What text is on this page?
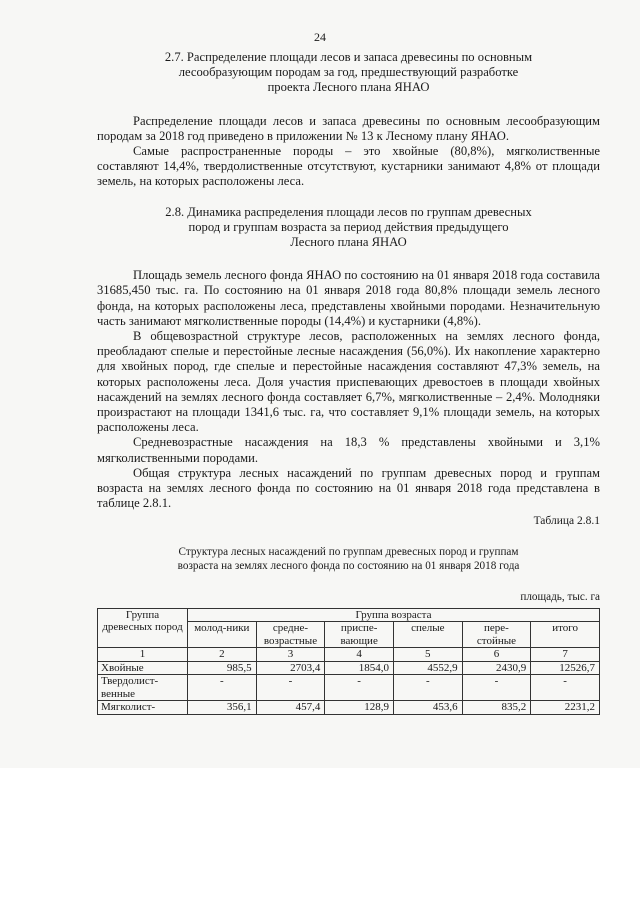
24
2.7. Распределение площади лесов и запаса древесины по основным
лесообразующим породам за год, предшествующий разработке
проекта Лесного плана ЯНАО

Распределение площади лесов и запаса древесины по основным лесообразующим породам за 2018 год приведено в приложении № 13 к Лесному плану ЯНАО.

Самые распространенные породы – это хвойные (80,8%), мягколиственные составляют 14,4%, твердолиственные отсутствуют, кустарники занимают 4,8% от площади земель, на которых расположены леса.

2.8. Динамика распределения площади лесов по группам древесных
пород и группам возраста за период действия предыдущего
Лесного плана ЯНАО

Площадь земель лесного фонда ЯНАО по состоянию на 01 января 2018 года составила 31685,450 тыс. га. По состоянию на 01 января 2018 года 80,8% площади земель лесного фонда, на которых расположены леса, представлены хвойными породами. Незначительную часть занимают мягколиственные породы (14,4%) и кустарники (4,8%).

В общевозрастной структуре лесов, расположенных на землях лесного фонда, преобладают спелые и перестойные лесные насаждения (56,0%). Их накопление характерно для хвойных пород, где спелые и перестойные насаждения составляют 47,3% земель, на которых расположены леса. Доля участия приспевающих древостоев в площади хвойных насаждений на землях лесного фонда составляет 6,7%, мягколиственные – 2,4%. Молодняки произрастают на площади 1341,6 тыс. га, что составляет 9,1% площади земель, на которых расположены леса.

Средневозрастные насаждения на 18,3 % представлены хвойными и 3,1% мягколиственными породами.

Общая структура лесных насаждений по группам древесных пород и группам возраста на землях лесного фонда по состоянию на 01 января 2018 года представлена в таблице 2.8.1.

Таблица 2.8.1
Структура лесных насаждений по группам древесных пород и группам
возраста на землях лесного фонда по состоянию на 01 января 2018 года
площадь, тыс. га
Группа древесных пород	Группа возраста					
	молод-ники	средне-возрастные	приспе-вающие	спелые	пере-стойные	итого
1	2	3	4	5	6	7
Хвойные	985,5	2703,4	1854,0	4552,9	2430,9	12526,7
Твердолист-венные	-	-	-	-	-	-
Мягколист-	356,1	457,4	128,9	453,6	835,2	2231,2
